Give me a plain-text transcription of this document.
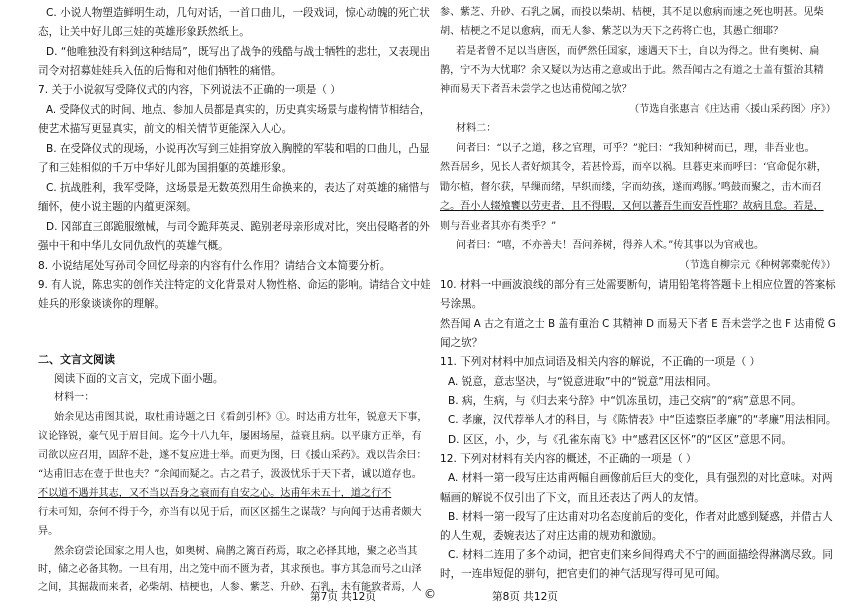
C. 小说人物塑造鲜明生动，几句对话，一首口曲儿，一段戏词，惊心动魄的死亡状
态，让关中好儿郎三娃的英雄形象跃然纸上。
D. “他唯独没有料到这种结局”，既写出了战争的残酷与战士牺牲的悲壮，又表现出
司令对招募娃娃兵入伍的后悔和对他们牺牲的痛惜。
7. 关于小说叙写受降仪式的内容，下列说法不正确的一项是（ ）
A. 受降仪式的时间、地点、参加人员都是真实的，历史真实场景与虚构情节相结合，
使艺术描写更显真实，前文的相关情节更能深入人心。
B. 在受降仪式的现场，小说再次写到三娃捐穿放入胸膛的军装和唱的口曲儿，凸显
了和三娃相似的千万中华好儿郎为国捐躯的英雄形象。
C. 抗战胜利，我军受降，这场景是无数英烈用生命换来的，表达了对英雄的痛惜与
缅怀，使小说主题的内蕴更深刻。
D. 冈部直三郎跪服缴械，与司令跪拜英灵、跪别老母亲形成对比，突出侵略者的外
强中干和中华儿女同仇敌忾的英雄气概。
8. 小说结尾处写孙司令回忆母亲的内容有什么作用？请结合文本简要分析。
9. 有人说，陈忠实的创作关注特定的文化背景对人物性格、命运的影响。请结合文中娃
娃兵的形象谈谈你的理解。
二、文言文阅读
阅读下面的文言文，完成下面小题。
材料一：
始余见达甫图其说，取杜甫诗题之曰《看剑引杯》①。时达甫方壮年，锐意天下事，
议论锋锐，豪气见于眉目间。迄今十八九年，屡困场屋，益衰且病。以平康方正举，有
司欲以应召用，固辞不赴，遂不复应进士举。而更为图，曰《援山采药》。戏以告余曰：
“达甫旧志在壹于世也夫？”余闻而疑之。古之君子，汲汲忧乐于天下者，诚以道存也。
不以道不遇并其志，又不当以吾身之衰而有自安之心。达甫年未五十，道之行不
行未可知，奈何不得于今，亦当有以见于后，而区区摇生之谋哉？与向闻于达甫者颇大
异。
然余窃尝论国家之用人也，如奥树、扁鹊之篱百药焉，取之必择其地，聚之必当其
时，储之必备其物。一旦有用，出之笼中而不匮为者，其求预也。事方其急而号之山泽
之间，其掘裁而来者，必柴胡、桔梗也，人参、紫芝、升砂、石乳，未有能致者焉，人
参、紫芝、升砂、石乳之属，而投以柴胡、桔梗，其不足以愈病而速之死也明甚。见柴
胡、桔梗之不足以愈病，而无人参、紫芝以为天下之药将亡也，其愚亡细耶？
若是者曾不足以当唐医，而俨然任国家，速遇天下士，自以为得之。世有奥树、扁
鹊，宁不为大忧耶？余又疑以为达甫之意或出于此。然吾闻古之有道之士盖有蜇治其精
神而易天下者吾未尝学之也达甫傥闻之欤？
（节选自张惠言《庄达甫〈援山采药图〉序》）
材料二：
问者曰：“以子之道，移之官理，可乎？”驼曰：“我知种树而已，理，非吾业也。
然吾居乡，见长人者好烦其令，若甚怜焉，而卒以祸。旦暮吏来而呼曰：‘官命促尔耕，
勖尔植，督尔获，早缫而绪，早织而缕，字而幼孩，遂而鸡豚。’鸣鼓而聚之，击木而召
之。吾小人辍飧饔以劳吏者，且不得暇，又何以蕃吾生而安吾性耶？故病且怠。若是，
则与吾业者其亦有类乎？”
问者曰：“嘻，不亦善夫！吾问养树，得养人术。”传其事以为官戒也。
（节选自柳宗元《种树郭橐驼传》）
10. 材料一中画波浪线的部分有三处需要断句，请用铅笔将答题卡上相应位置的答案标
号涂黑。
然吾闻 A 古之有道之士 B 盖有重治 C 其精神 D 而易天下者 E 吾未尝学之也 F 达甫傥 G
闻之欤？
11. 下列对材料中加点词语及相关内容的解说，不正确的一项是（ ）
A. 锐意，意志坚决，与“锐意进取”中的“锐意”用法相同。
B. 病，生病，与《归去来兮辞》中“饥冻虽切，违己交病”的“病”意思不同。
C. 孝廉，汉代荐举人才的科目，与《陈情表》中“臣逵察臣孝廉”的“孝廉”用法相同。
D. 区区，小，少，与《孔雀东南飞》中“感君区区怀”的“区区”意思不同。
12. 下列对材料有关内容的概述，不正确的一项是（ ）
A. 材料一第一段写庄达甫两幅自画像前后巨大的变化，具有强烈的对比意味。对两
幅画的解说不仅引出了下文，而且还表达了两人的友情。
B. 材料一第一段写了庄达甫对功名态度前后的变化，作者对此感到疑惑，并借古人
的人生观，委婉表达了对庄达甫的规劝和激励。
C. 材料二连用了多个动词，把官吏们来乡间得鸡犬不宁的画面描绘得淋漓尽致。同
时，一连串短促的骈句，把官吏们的神气活现写得可见可闻。
第7页 共12页	©	第8页 共12页
